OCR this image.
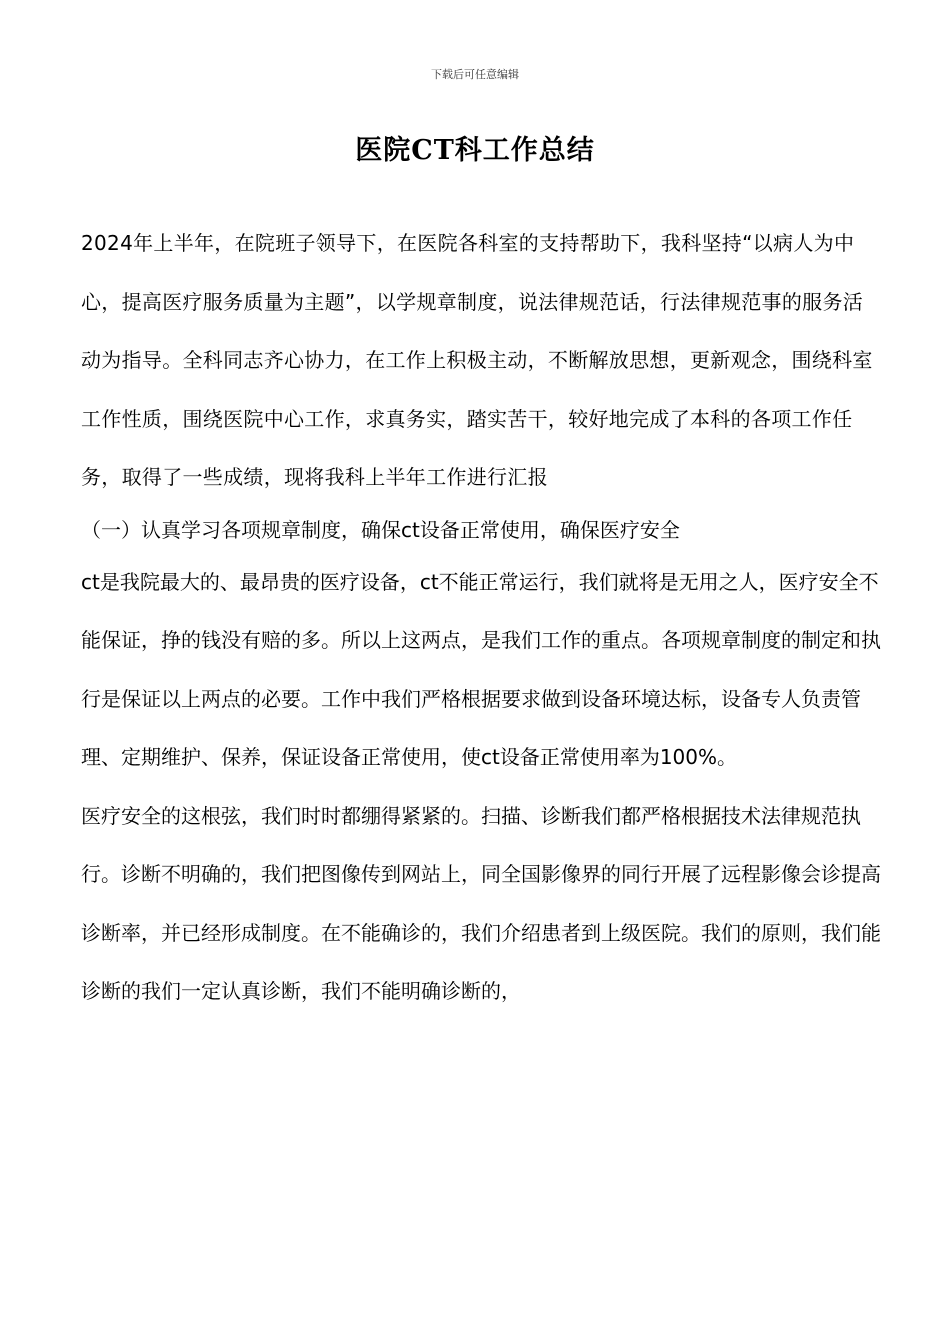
下载后可任意编辑
医院CT科工作总结

2024年上半年，在院班子领导下，在医院各科室的支持帮助下，我科坚持“以病人为中心，提高医疗服务质量为主题”，以学规章制度，说法律规范话，行法律规范事的服务活动为指导。全科同志齐心协力，在工作上积极主动，不断解放思想，更新观念，围绕科室工作性质，围绕医院中心工作，求真务实，踏实苦干，较好地完成了本科的各项工作任务，取得了一些成绩，现将我科上半年工作进行汇报

（一）认真学习各项规章制度，确保ct设备正常使用，确保医疗安全

ct是我院最大的、最昂贵的医疗设备，ct不能正常运行，我们就将是无用之人，医疗安全不能保证，挣的钱没有赔的多。所以上这两点，是我们工作的重点。各项规章制度的制定和执行是保证以上两点的必要。工作中我们严格根据要求做到设备环境达标，设备专人负责管理、定期维护、保养，保证设备正常使用，使ct设备正常使用率为100%。

医疗安全的这根弦，我们时时都绷得紧紧的。扫描、诊断我们都严格根据技术法律规范执行。诊断不明确的，我们把图像传到网站上，同全国影像界的同行开展了远程影像会诊提高诊断率，并已经形成制度。在不能确诊的，我们介绍患者到上级医院。我们的原则，我们能诊断的我们一定认真诊断，我们不能明确诊断的，
